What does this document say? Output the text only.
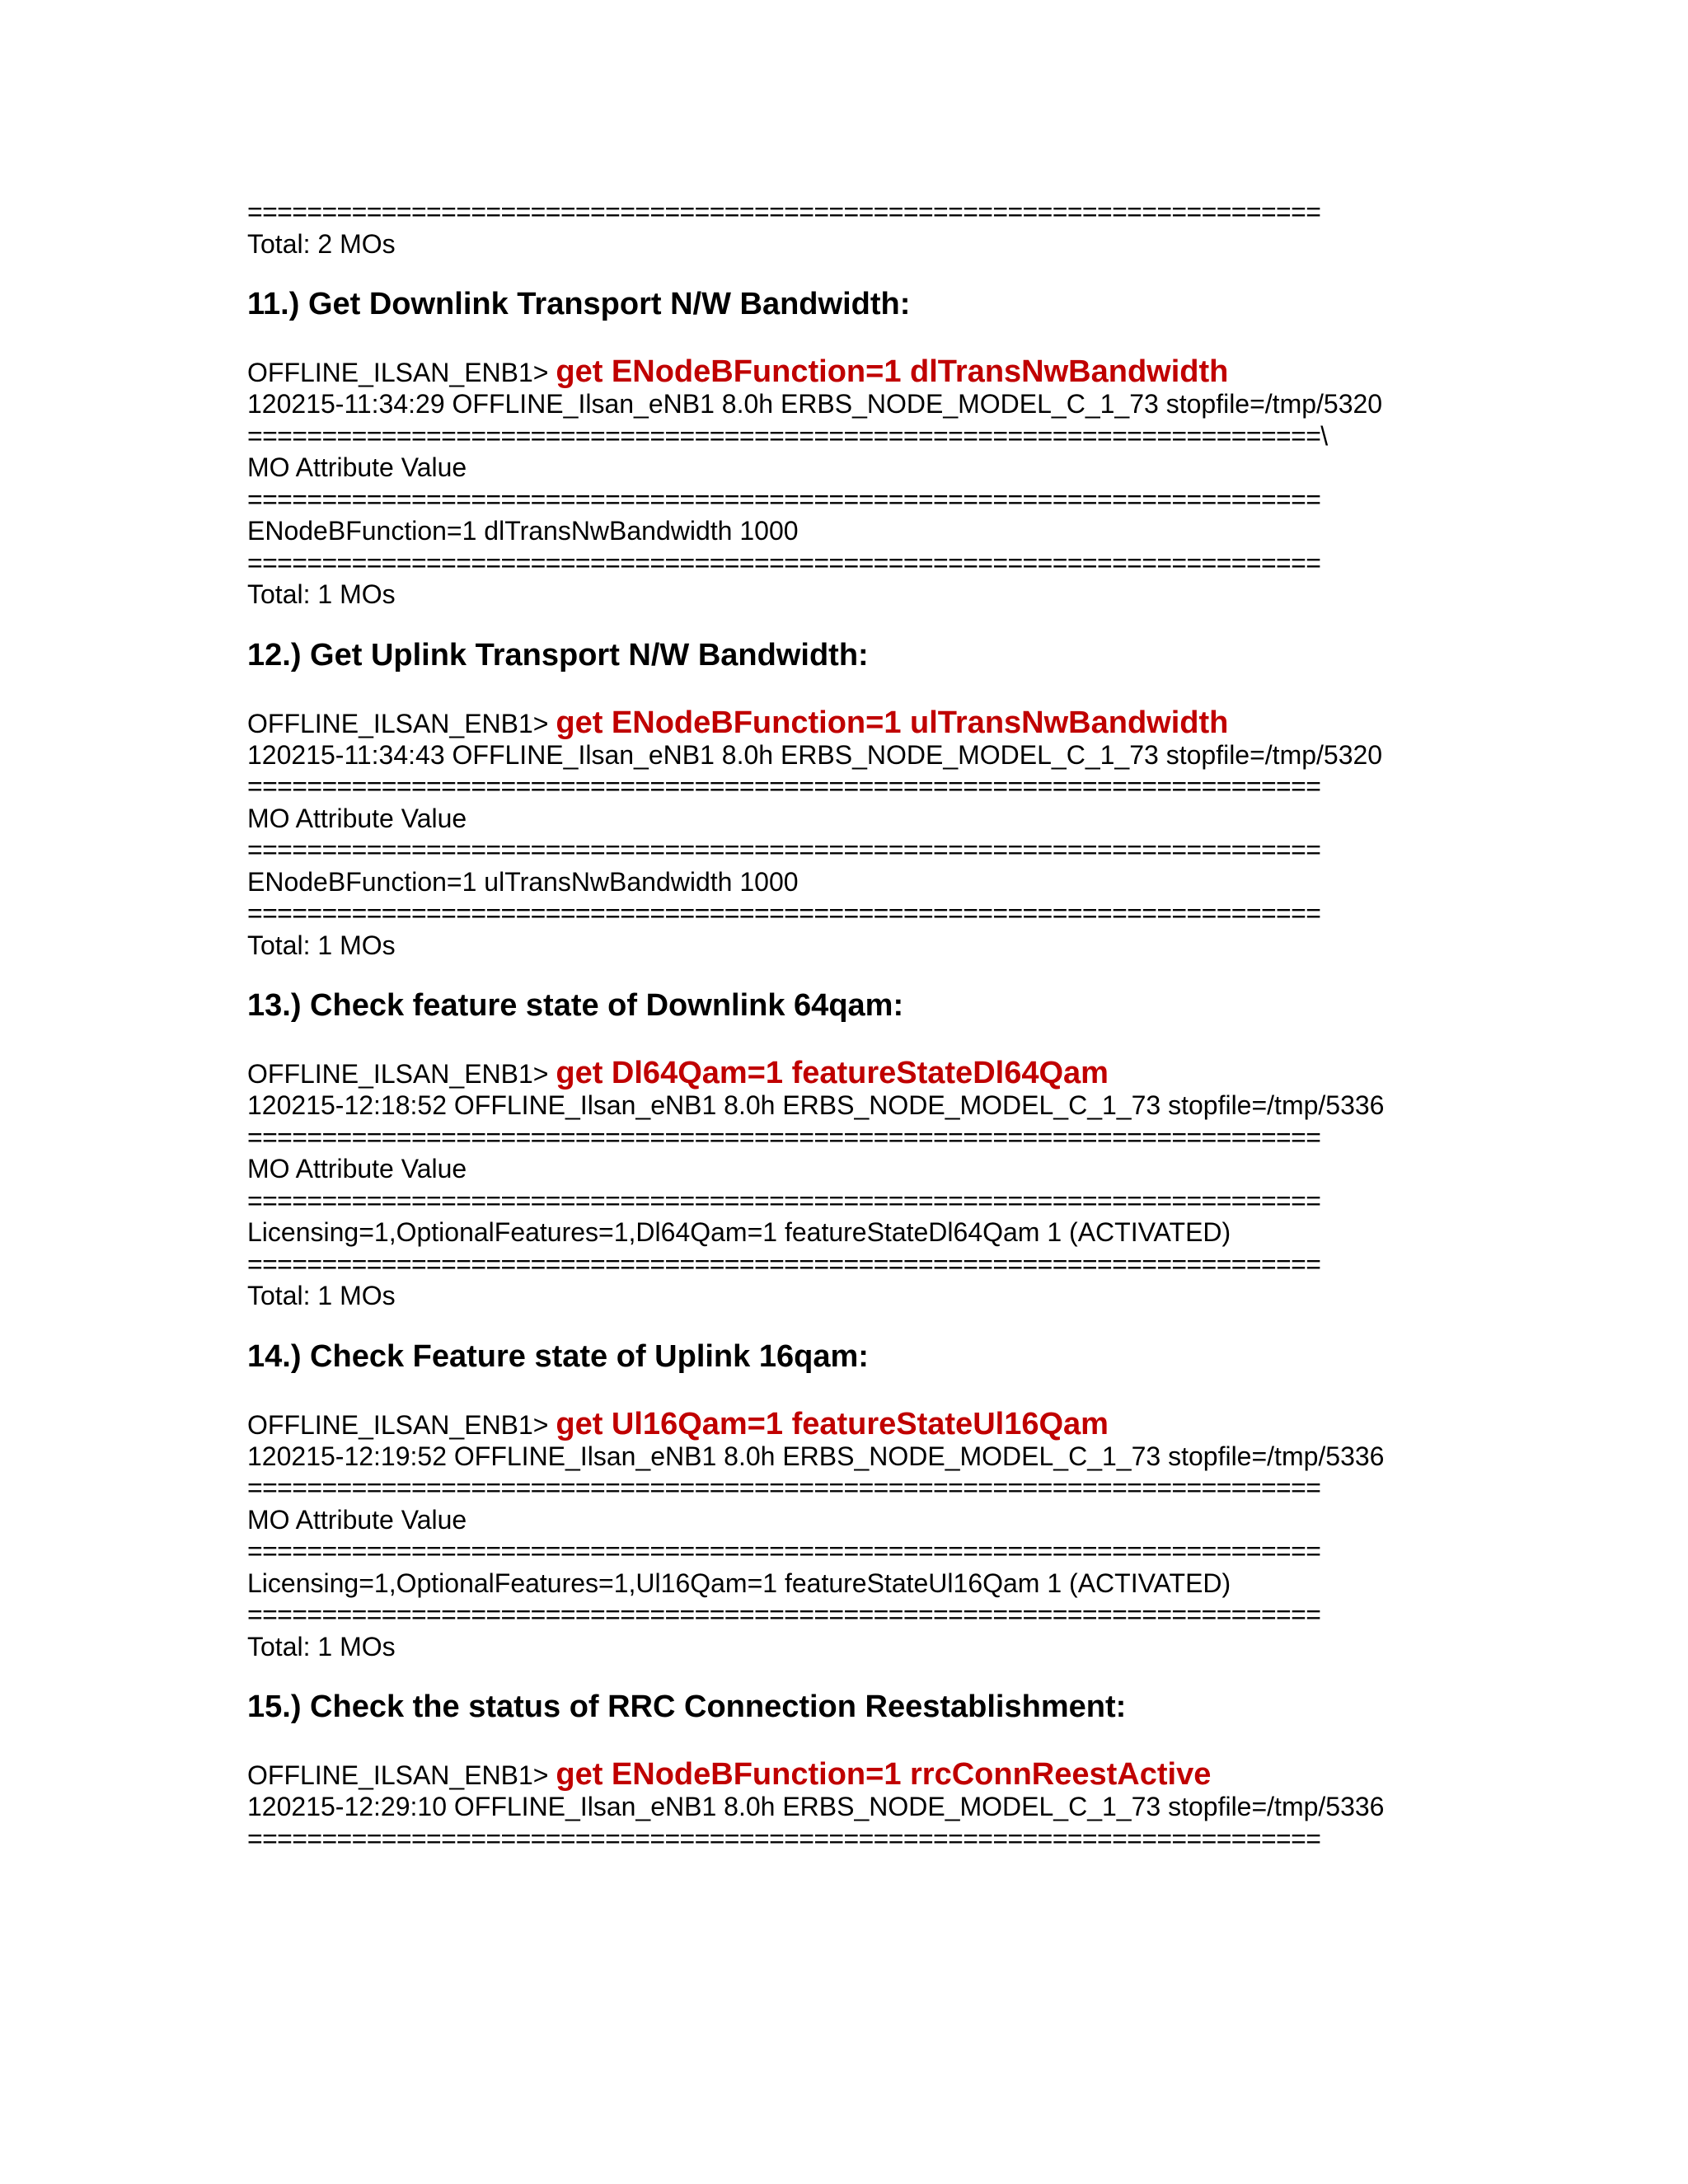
========================================================================
Total: 2 MOs
11.) Get Downlink Transport N/W Bandwidth:
OFFLINE_ILSAN_ENB1> get ENodeBFunction=1 dlTransNwBandwidth
120215-11:34:29 OFFLINE_Ilsan_eNB1 8.0h ERBS_NODE_MODEL_C_1_73 stopfile=/tmp/5320
========================================================================\
MO Attribute Value
========================================================================
ENodeBFunction=1 dlTransNwBandwidth 1000
========================================================================
Total: 1 MOs
12.) Get Uplink Transport N/W Bandwidth:
OFFLINE_ILSAN_ENB1> get ENodeBFunction=1 ulTransNwBandwidth
120215-11:34:43 OFFLINE_Ilsan_eNB1 8.0h ERBS_NODE_MODEL_C_1_73 stopfile=/tmp/5320
========================================================================
MO Attribute Value
========================================================================
ENodeBFunction=1 ulTransNwBandwidth 1000
========================================================================
Total: 1 MOs
13.) Check feature state of Downlink 64qam:
OFFLINE_ILSAN_ENB1> get Dl64Qam=1 featureStateDl64Qam
120215-12:18:52 OFFLINE_Ilsan_eNB1 8.0h ERBS_NODE_MODEL_C_1_73 stopfile=/tmp/5336
========================================================================
MO Attribute Value
========================================================================
Licensing=1,OptionalFeatures=1,Dl64Qam=1 featureStateDl64Qam 1 (ACTIVATED)
========================================================================
Total: 1 MOs
14.) Check Feature state of Uplink 16qam:
OFFLINE_ILSAN_ENB1> get Ul16Qam=1 featureStateUl16Qam
120215-12:19:52 OFFLINE_Ilsan_eNB1 8.0h ERBS_NODE_MODEL_C_1_73 stopfile=/tmp/5336
========================================================================
MO Attribute Value
========================================================================
Licensing=1,OptionalFeatures=1,Ul16Qam=1 featureStateUl16Qam 1 (ACTIVATED)
========================================================================
Total: 1 MOs
15.) Check the status of RRC Connection Reestablishment:
OFFLINE_ILSAN_ENB1> get ENodeBFunction=1 rrcConnReestActive
120215-12:29:10 OFFLINE_Ilsan_eNB1 8.0h ERBS_NODE_MODEL_C_1_73 stopfile=/tmp/5336
========================================================================
